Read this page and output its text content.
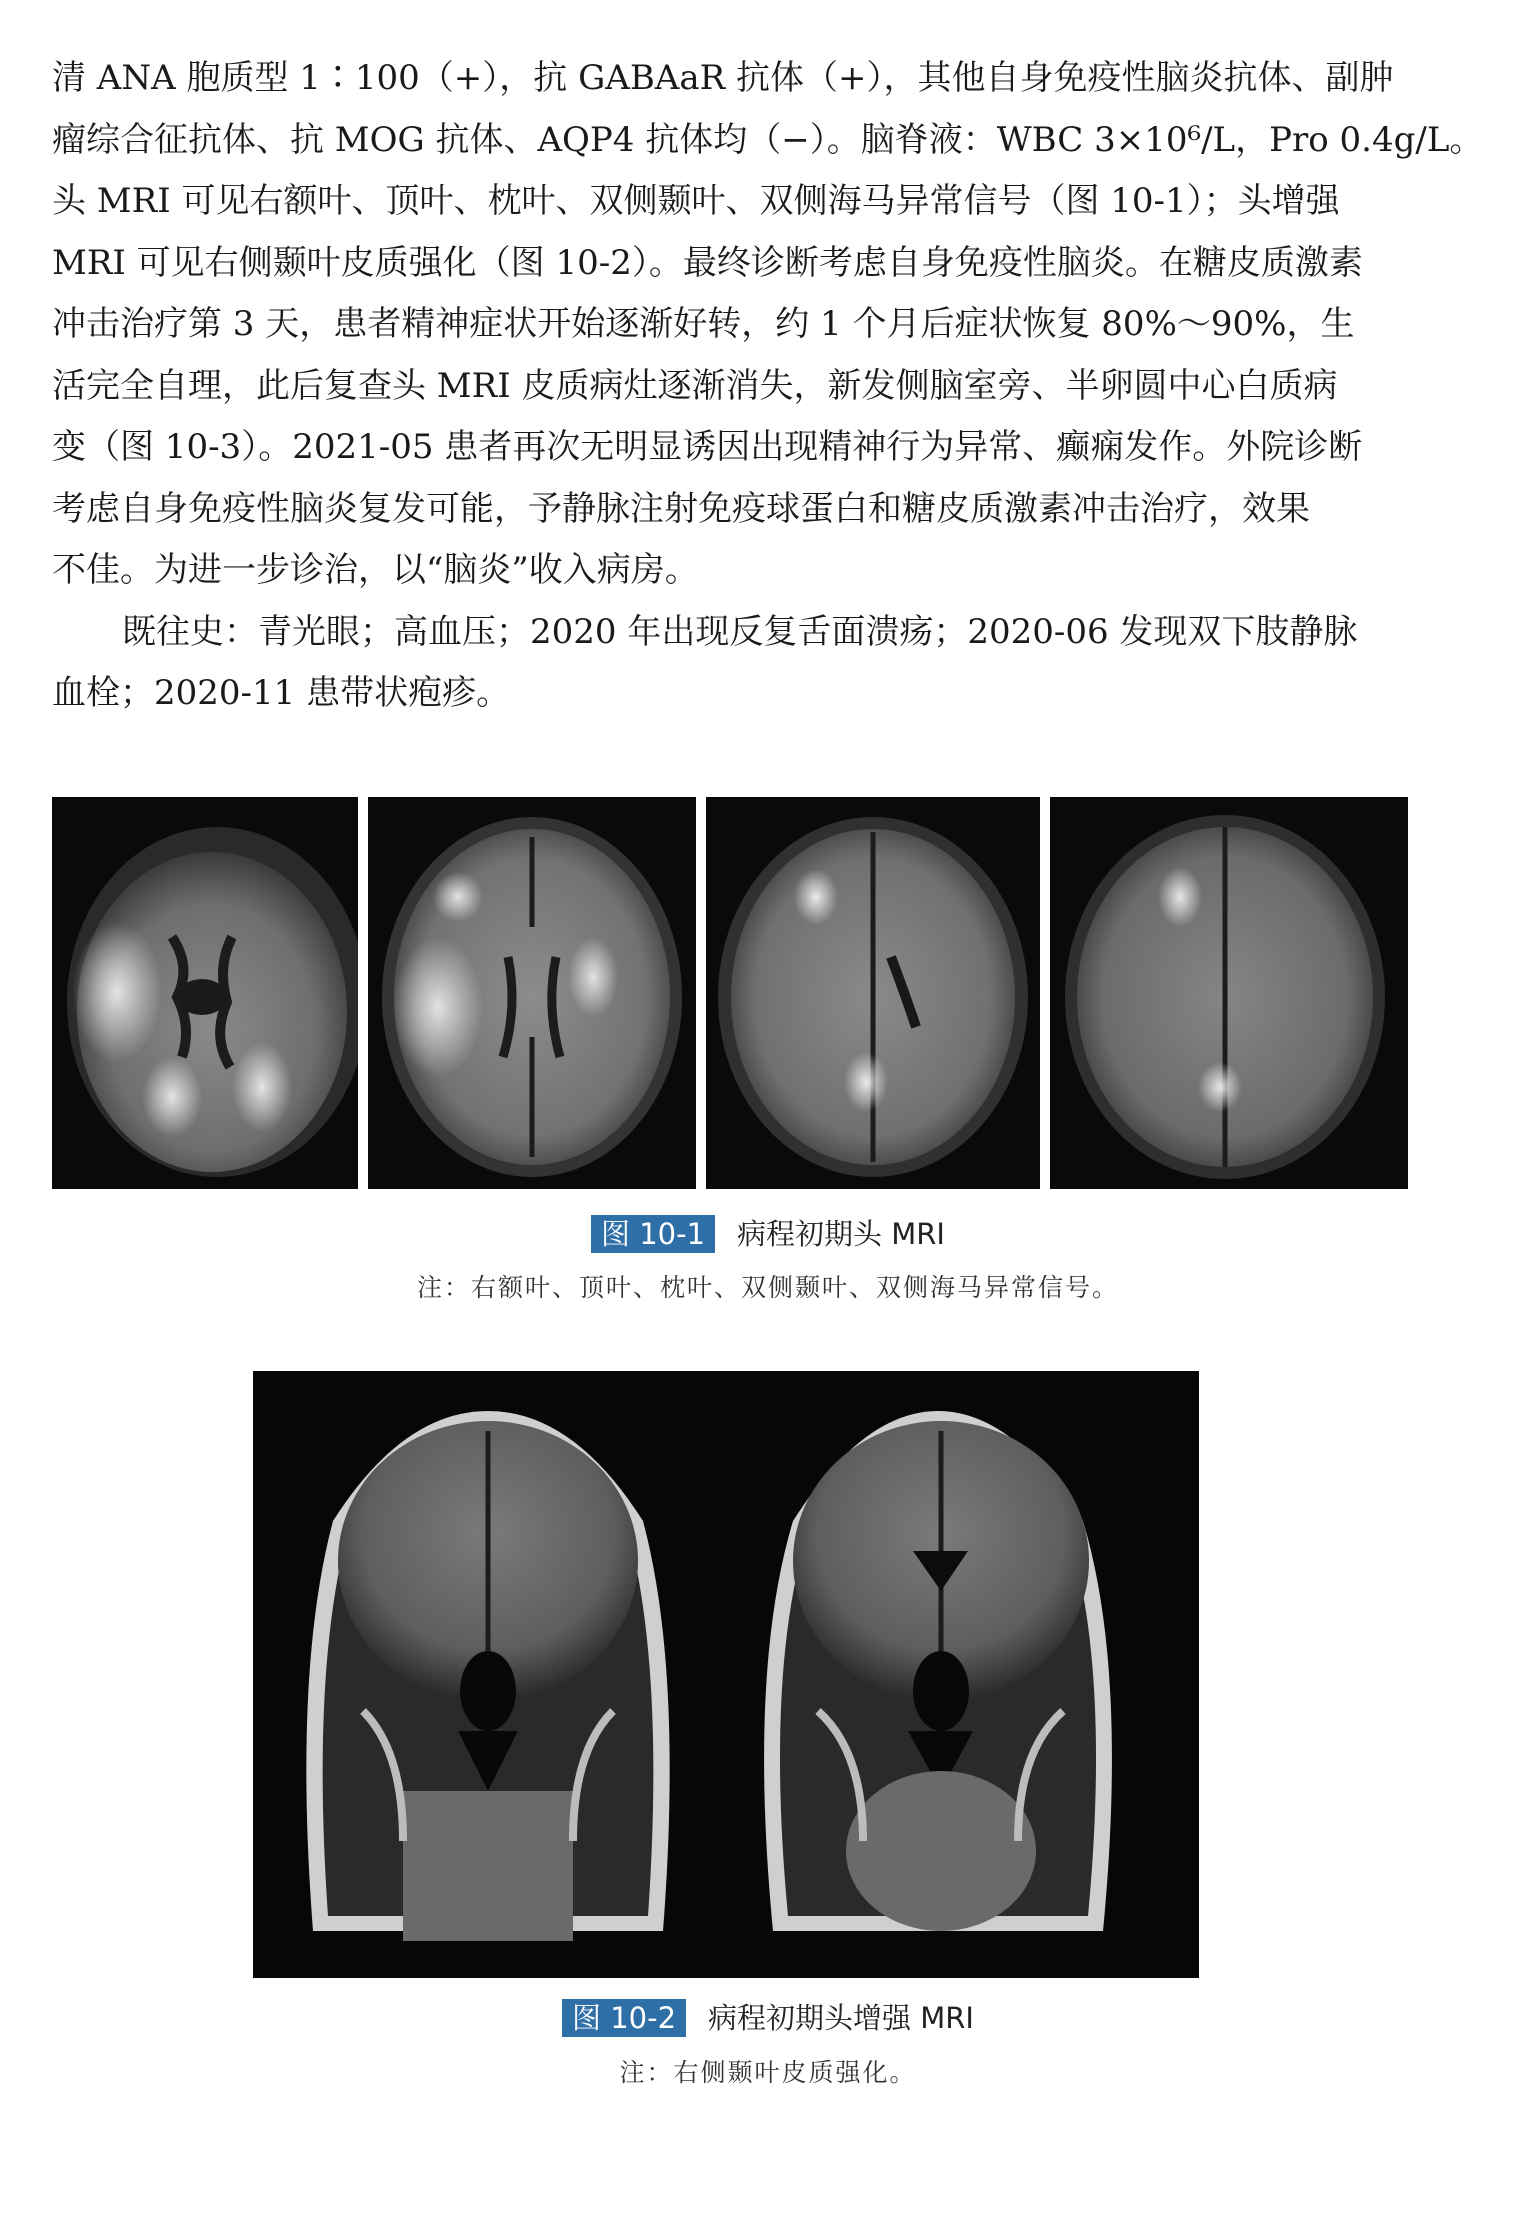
清 ANA 胞质型 1∶100（+），抗 GABAaR 抗体（+），其他自身免疫性脑炎抗体、副肿
瘤综合征抗体、抗 MOG 抗体、AQP4 抗体均（−）。脑脊液：WBC 3×10⁶/L，Pro 0.4g/L。
头 MRI 可见右额叶、顶叶、枕叶、双侧颞叶、双侧海马异常信号（图 10-1）；头增强
MRI 可见右侧颞叶皮质强化（图 10-2）。最终诊断考虑自身免疫性脑炎。在糖皮质激素
冲击治疗第 3 天，患者精神症状开始逐渐好转，约 1 个月后症状恢复 80%～90%，生
活完全自理，此后复查头 MRI 皮质病灶逐渐消失，新发侧脑室旁、半卵圆中心白质病
变（图 10-3）。2021-05 患者再次无明显诱因出现精神行为异常、癫痫发作。外院诊断
考虑自身免疫性脑炎复发可能，予静脉注射免疫球蛋白和糖皮质激素冲击治疗，效果
不佳。为进一步诊治，以“脑炎”收入病房。

既往史：青光眼；高血压；2020 年出现反复舌面溃疡；2020-06 发现双下肢静脉
血栓；2020-11 患带状疱疹。

图 10-1 病程初期头 MRI
注：右额叶、顶叶、枕叶、双侧颞叶、双侧海马异常信号。
图 10-2 病程初期头增强 MRI
注：右侧颞叶皮质强化。
